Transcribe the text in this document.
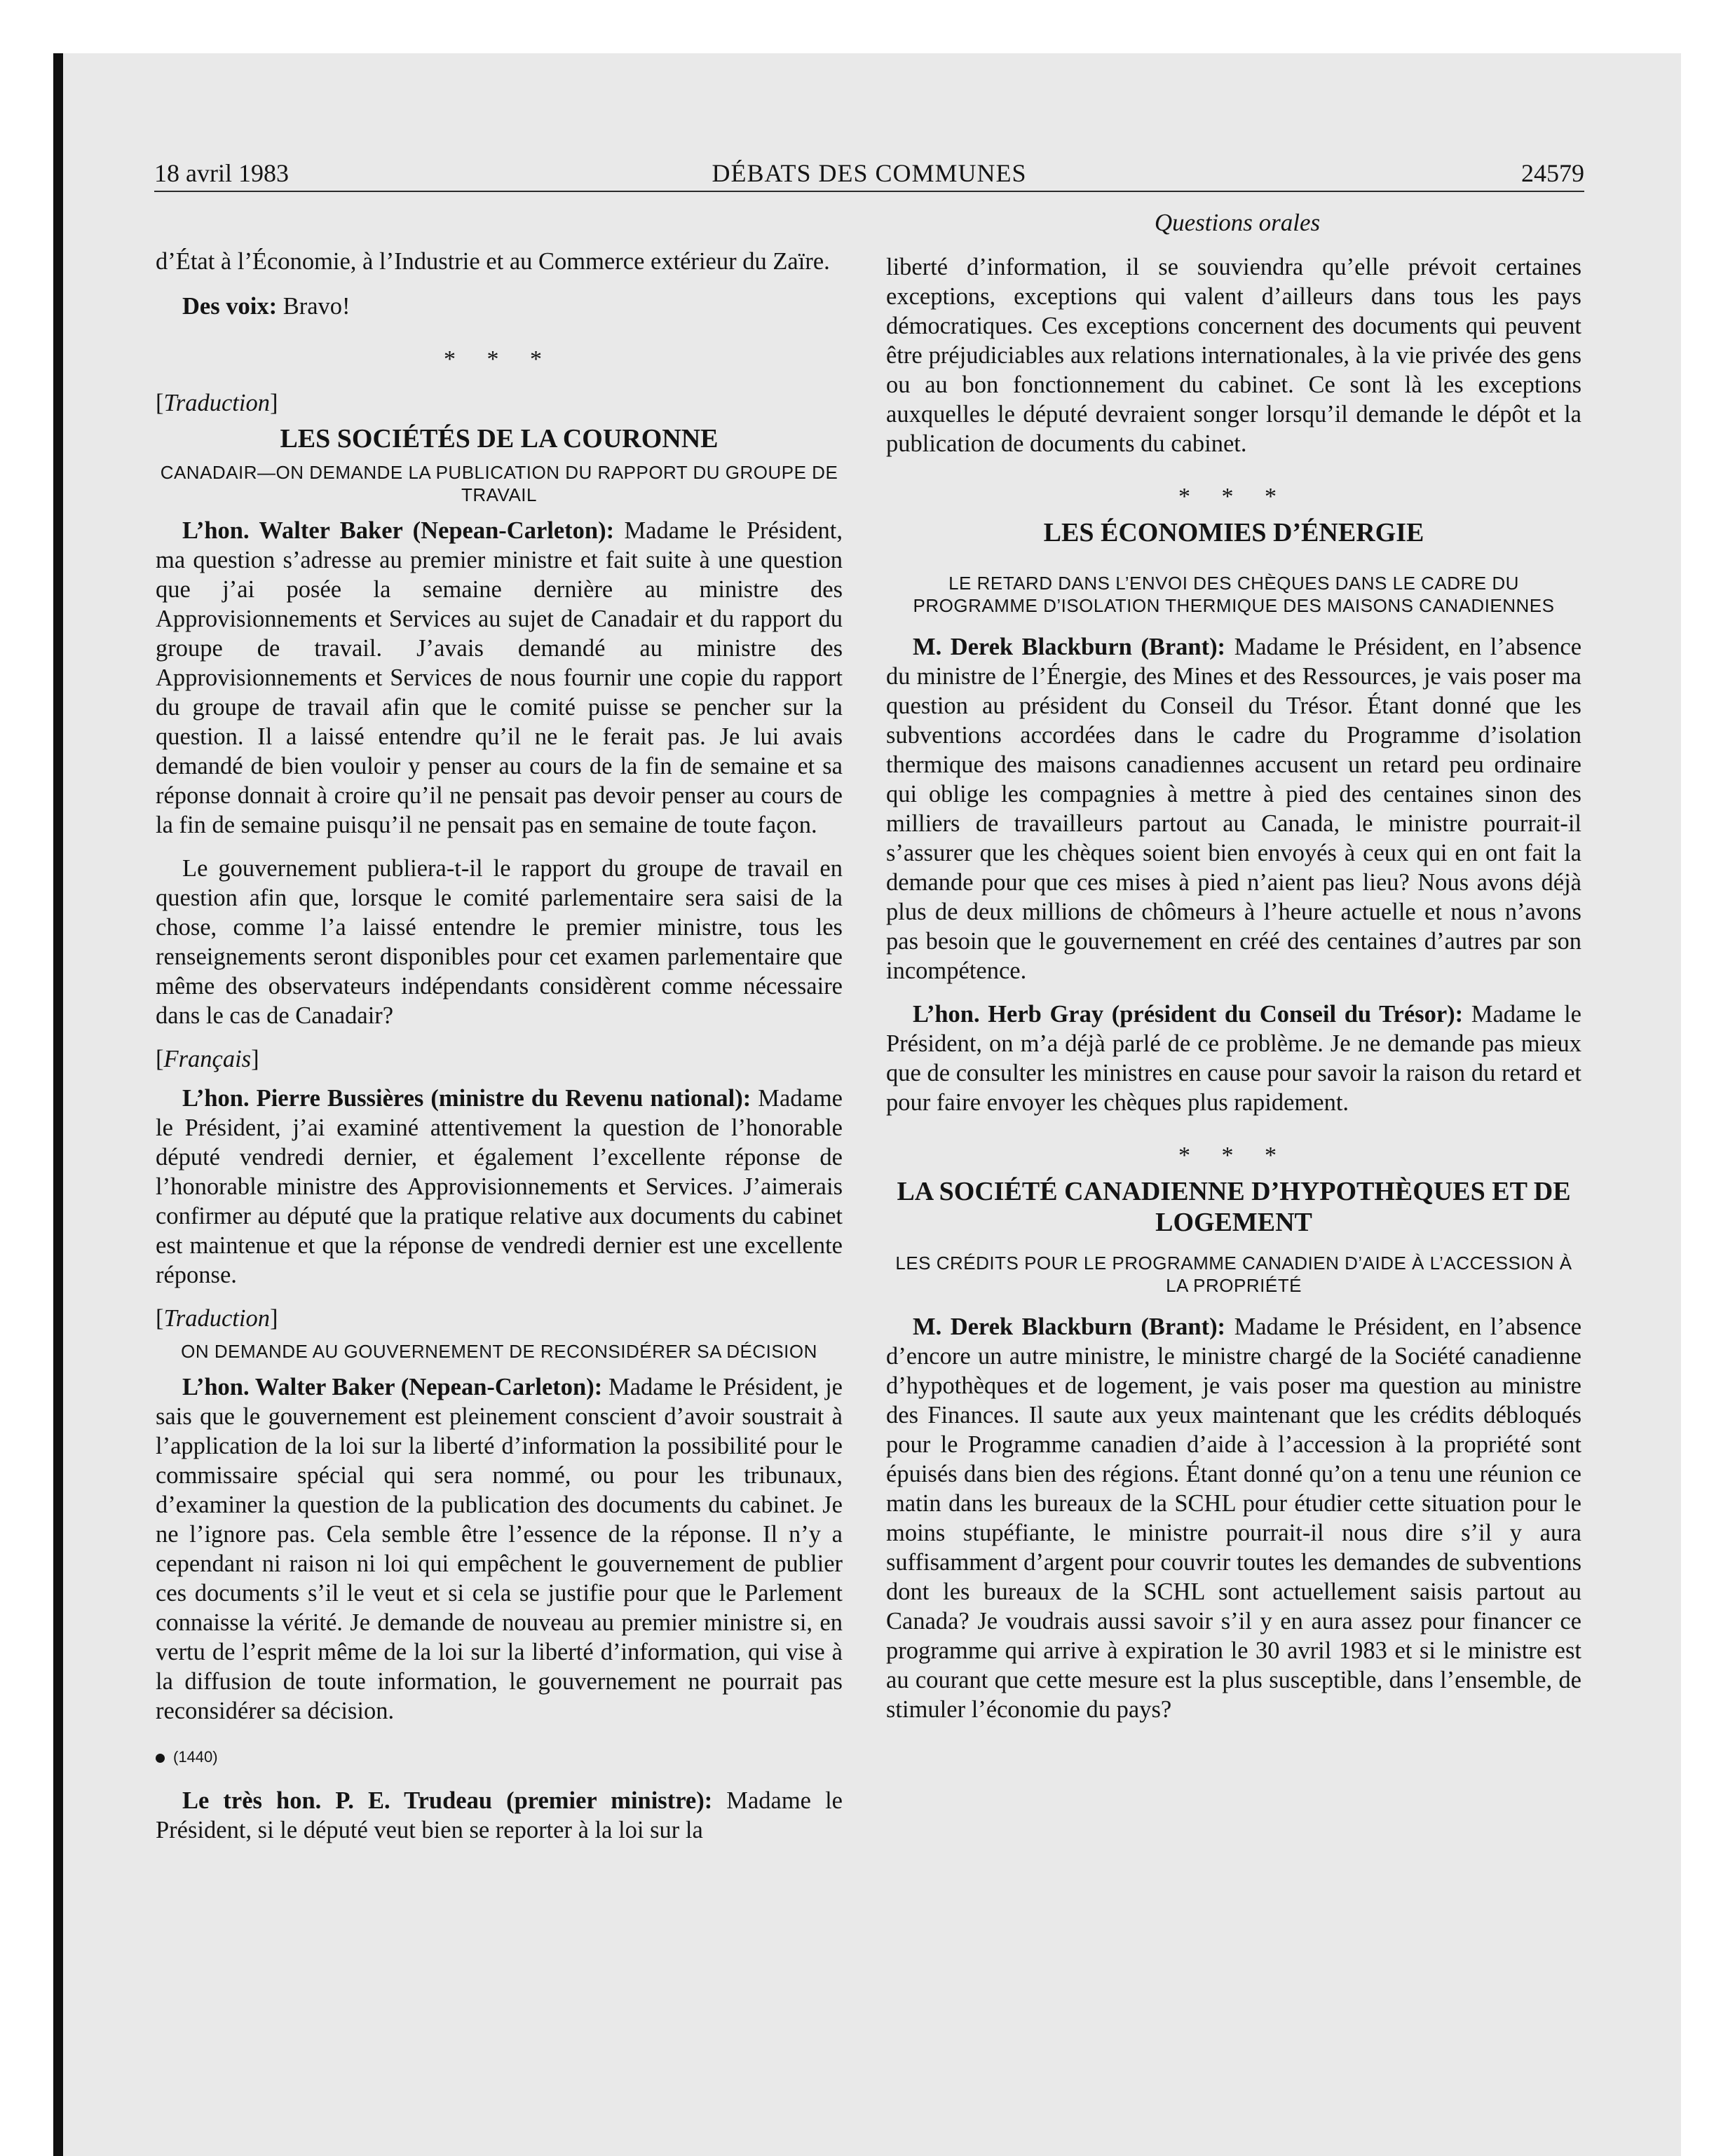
18 avril 1983	DÉBATS DES COMMUNES	24579
Questions orales

d’État à l’Économie, à l’Industrie et au Commerce extérieur du Zaïre.

Des voix: Bravo!

* * *

[Traduction]

LES SOCIÉTÉS DE LA COURONNE

CANADAIR—ON DEMANDE LA PUBLICATION DU RAPPORT DU GROUPE DE TRAVAIL

L’hon. Walter Baker (Nepean-Carleton): Madame le Président, ma question s’adresse au premier ministre et fait suite à une question que j’ai posée la semaine dernière au ministre des Approvisionnements et Services au sujet de Canadair et du rapport du groupe de travail. J’avais demandé au ministre des Approvisionnements et Services de nous fournir une copie du rapport du groupe de travail afin que le comité puisse se pencher sur la question. Il a laissé entendre qu’il ne le ferait pas. Je lui avais demandé de bien vouloir y penser au cours de la fin de semaine et sa réponse donnait à croire qu’il ne pensait pas devoir penser au cours de la fin de semaine puisqu’il ne pensait pas en semaine de toute façon.

Le gouvernement publiera-t-il le rapport du groupe de travail en question afin que, lorsque le comité parlementaire sera saisi de la chose, comme l’a laissé entendre le premier ministre, tous les renseignements seront disponibles pour cet examen parlementaire que même des observateurs indépendants considèrent comme nécessaire dans le cas de Canadair?

[Français]

L’hon. Pierre Bussières (ministre du Revenu national): Madame le Président, j’ai examiné attentivement la question de l’honorable député vendredi dernier, et également l’excellente réponse de l’honorable ministre des Approvisionnements et Services. J’aimerais confirmer au député que la pratique relative aux documents du cabinet est maintenue et que la réponse de vendredi dernier est une excellente réponse.

[Traduction]

ON DEMANDE AU GOUVERNEMENT DE RECONSIDÉRER SA DÉCISION

L’hon. Walter Baker (Nepean-Carleton): Madame le Président, je sais que le gouvernement est pleinement conscient d’avoir soustrait à l’application de la loi sur la liberté d’information la possibilité pour le commissaire spécial qui sera nommé, ou pour les tribunaux, d’examiner la question de la publication des documents du cabinet. Je ne l’ignore pas. Cela semble être l’essence de la réponse. Il n’y a cependant ni raison ni loi qui empêchent le gouvernement de publier ces documents s’il le veut et si cela se justifie pour que le Parlement connaisse la vérité. Je demande de nouveau au premier ministre si, en vertu de l’esprit même de la loi sur la liberté d’information, qui vise à la diffusion de toute information, le gouvernement ne pourrait pas reconsidérer sa décision.

(1440)

Le très hon. P. E. Trudeau (premier ministre): Madame le Président, si le député veut bien se reporter à la loi sur la

liberté d’information, il se souviendra qu’elle prévoit certaines exceptions, exceptions qui valent d’ailleurs dans tous les pays démocratiques. Ces exceptions concernent des documents qui peuvent être préjudiciables aux relations internationales, à la vie privée des gens ou au bon fonctionnement du cabinet. Ce sont là les exceptions auxquelles le député devraient songer lorsqu’il demande le dépôt et la publication de documents du cabinet.

* * *

LES ÉCONOMIES D’ÉNERGIE

LE RETARD DANS L’ENVOI DES CHÈQUES DANS LE CADRE DU PROGRAMME D’ISOLATION THERMIQUE DES MAISONS CANADIENNES

M. Derek Blackburn (Brant): Madame le Président, en l’absence du ministre de l’Énergie, des Mines et des Ressources, je vais poser ma question au président du Conseil du Trésor. Étant donné que les subventions accordées dans le cadre du Programme d’isolation thermique des maisons canadiennes accusent un retard peu ordinaire qui oblige les compagnies à mettre à pied des centaines sinon des milliers de travailleurs partout au Canada, le ministre pourrait-il s’assurer que les chèques soient bien envoyés à ceux qui en ont fait la demande pour que ces mises à pied n’aient pas lieu? Nous avons déjà plus de deux millions de chômeurs à l’heure actuelle et nous n’avons pas besoin que le gouvernement en créé des centaines d’autres par son incompétence.

L’hon. Herb Gray (président du Conseil du Trésor): Madame le Président, on m’a déjà parlé de ce problème. Je ne demande pas mieux que de consulter les ministres en cause pour savoir la raison du retard et pour faire envoyer les chèques plus rapidement.

* * *

LA SOCIÉTÉ CANADIENNE D’HYPOTHÈQUES ET DE LOGEMENT

LES CRÉDITS POUR LE PROGRAMME CANADIEN D’AIDE À L’ACCESSION À LA PROPRIÉTÉ

M. Derek Blackburn (Brant): Madame le Président, en l’absence d’encore un autre ministre, le ministre chargé de la Société canadienne d’hypothèques et de logement, je vais poser ma question au ministre des Finances. Il saute aux yeux maintenant que les crédits débloqués pour le Programme canadien d’aide à l’accession à la propriété sont épuisés dans bien des régions. Étant donné qu’on a tenu une réunion ce matin dans les bureaux de la SCHL pour étudier cette situation pour le moins stupéfiante, le ministre pourrait-il nous dire s’il y aura suffisamment d’argent pour couvrir toutes les demandes de subventions dont les bureaux de la SCHL sont actuellement saisis partout au Canada? Je voudrais aussi savoir s’il y en aura assez pour financer ce programme qui arrive à expiration le 30 avril 1983 et si le ministre est au courant que cette mesure est la plus susceptible, dans l’ensemble, de stimuler l’économie du pays?
